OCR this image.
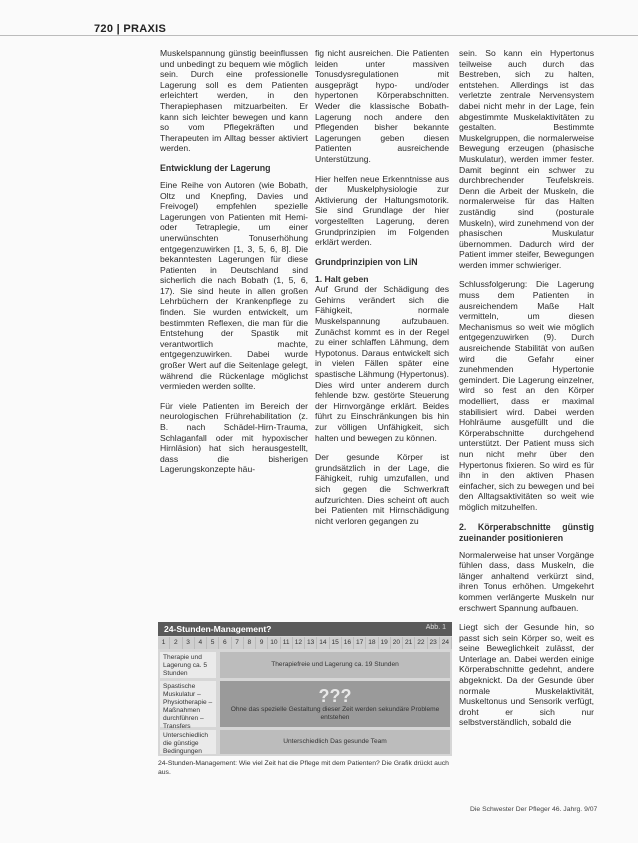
720 | PRAXIS

Muskelspannung günstig beeinflussen und unbedingt zu bequem wie möglich sein. Durch eine professionelle Lagerung soll es dem Patienten erleichtert werden, in den Therapiephasen mitzuarbeiten. Er kann sich leichter bewegen und kann so vom Pflegekräften und Therapeuten im Alltag besser aktiviert werden.

Entwicklung der Lagerung

Eine Reihe von Autoren (wie Bobath, Oltz und Knepfing, Davies und Freivogel) empfehlen spezielle Lagerungen von Patienten mit Hemi- oder Tetraplegie, um einer unerwünschten Tonuserhöhung entgegenzuwirken [1, 3, 5, 6, 8]. Die bekanntesten Lagerungen für diese Patienten in Deutschland sind sicherlich die nach Bobath (1, 5, 6, 17). Sie sind heute in allen großen Lehrbüchern der Krankenpflege zu finden. Sie wurden entwickelt, um bestimmten Reflexen, die man für die Entstehung der Spastik mit verantwortlich machte, entgegenzuwirken. Dabei wurde großer Wert auf die Seitenlage gelegt, während die Rückenlage möglichst vermieden werden sollte.

Für viele Patienten im Bereich der neurologischen Frührehabilitation (z. B. nach Schädel-Hirn-Trauma, Schlaganfall oder mit hypoxischer Hirnläsion) hat sich herausgestellt, dass die bisherigen Lagerungskonzepte häu-

fig nicht ausreichen. Die Patienten leiden unter massiven Tonusdysregulationen mit ausgeprägt hypo- und/oder hypertonen Körperabschnitten. Weder die klassische Bobath-Lagerung noch andere den Pflegenden bisher bekannte Lagerungen geben diesen Patienten ausreichende Unterstützung.

Hier helfen neue Erkenntnisse aus der Muskelphysiologie zur Aktivierung der Haltungsmotorik. Sie sind Grundlage der hier vorgestellten Lagerung, deren Grundprinzipien im Folgenden erklärt werden.

Grundprinzipien von LiN
1. Halt geben

Auf Grund der Schädigung des Gehirns verändert sich die Fähigkeit, normale Muskelspannung aufzubauen. Zunächst kommt es in der Regel zu einer schlaffen Lähmung, dem Hypotonus. Daraus entwickelt sich in vielen Fällen später eine spastische Lähmung (Hypertonus). Dies wird unter anderem durch fehlende bzw. gestörte Steuerung der Hirnvorgänge erklärt. Beides führt zu Einschränkungen bis hin zur völligen Unfähigkeit, sich halten und bewegen zu können.

Der gesunde Körper ist grundsätzlich in der Lage, die Fähigkeit, ruhig umzufallen, und sich gegen die Schwerkraft aufzurichten. Dies scheint oft auch bei Patienten mit Hirnschädigung nicht verloren gegangen zu

sein. So kann ein Hypertonus teilweise auch durch das Bestreben, sich zu halten, entstehen. Allerdings ist das verletzte zentrale Nervensystem dabei nicht mehr in der Lage, fein abgestimmte Muskelaktivitäten zu gestalten. Bestimmte Muskelgruppen, die normalerweise Bewegung erzeugen (phasische Muskulatur), werden immer fester. Damit beginnt ein schwer zu durchbrechender Teufelskreis. Denn die Arbeit der Muskeln, die normalerweise für das Halten zuständig sind (posturale Muskeln), wird zunehmend von der phasischen Muskulatur übernommen. Dadurch wird der Patient immer steifer, Bewegungen werden immer schwieriger.

Schlussfolgerung: Die Lagerung muss dem Patienten in ausreichendem Maße Halt vermitteln, um diesen Mechanismus so weit wie möglich entgegenzuwirken (9). Durch ausreichende Stabilität von außen wird die Gefahr einer zunehmenden Hypertonie gemindert. Die Lagerung einzelner, wird so fest an den Körper modelliert, dass er maximal stabilisiert wird. Dabei werden Hohlräume ausgefüllt und die Körperabschnitte durchgehend unterstützt. Der Patient muss sich nun nicht mehr über den Hypertonus fixieren. So wird es für ihn in den aktiven Phasen einfacher, sich zu bewegen und bei den Alltagsaktivitäten so weit wie möglich mitzuhelfen.

2. Körperabschnitte günstig zueinander positionieren

Normalerweise hat unser Vorgänge fühlen dass, dass Muskeln, die länger anhaltend verkürzt sind, ihren Tonus erhöhen. Umgekehrt kommen verlängerte Muskeln nur erschwert Spannung aufbauen.

Liegt sich der Gesunde hin, so passt sich sein Körper so, weit es seine Beweglichkeit zulässt, der Unterlage an. Dabei werden einige Körperabschnitte gedehnt, andere abgeknickt. Da der Gesunde über normale Muskelaktivität, Muskeltonus und Sensorik verfügt, droht er sich nur selbstverständlich, sobald die

24-Stunden-Management?	Abb. 1
1	2	3	4	5	6	7	8	9	10 11 12 13 14 15 16 17 18 19 20 21 22 23 24
Therapie und Lagerung ca. 5 Stunden
Therapiefreie und Lagerung ca. 19 Stunden
Spastische Muskulatur – Physiotherapie – Maßnahmen durchführen – Transfers
???
Ohne das spezielle Gestaltung dieser Zeit werden sekundäre Probleme entstehen
Unterschiedlich die günstige Bedingungen
Unterschiedlich Das gesunde Team
24-Stunden-Management: Wie viel Zeit hat die Pflege mit dem Patienten? Die Grafik drückt auch aus.
Die Schwester Der Pfleger 46. Jahrg. 9/07
